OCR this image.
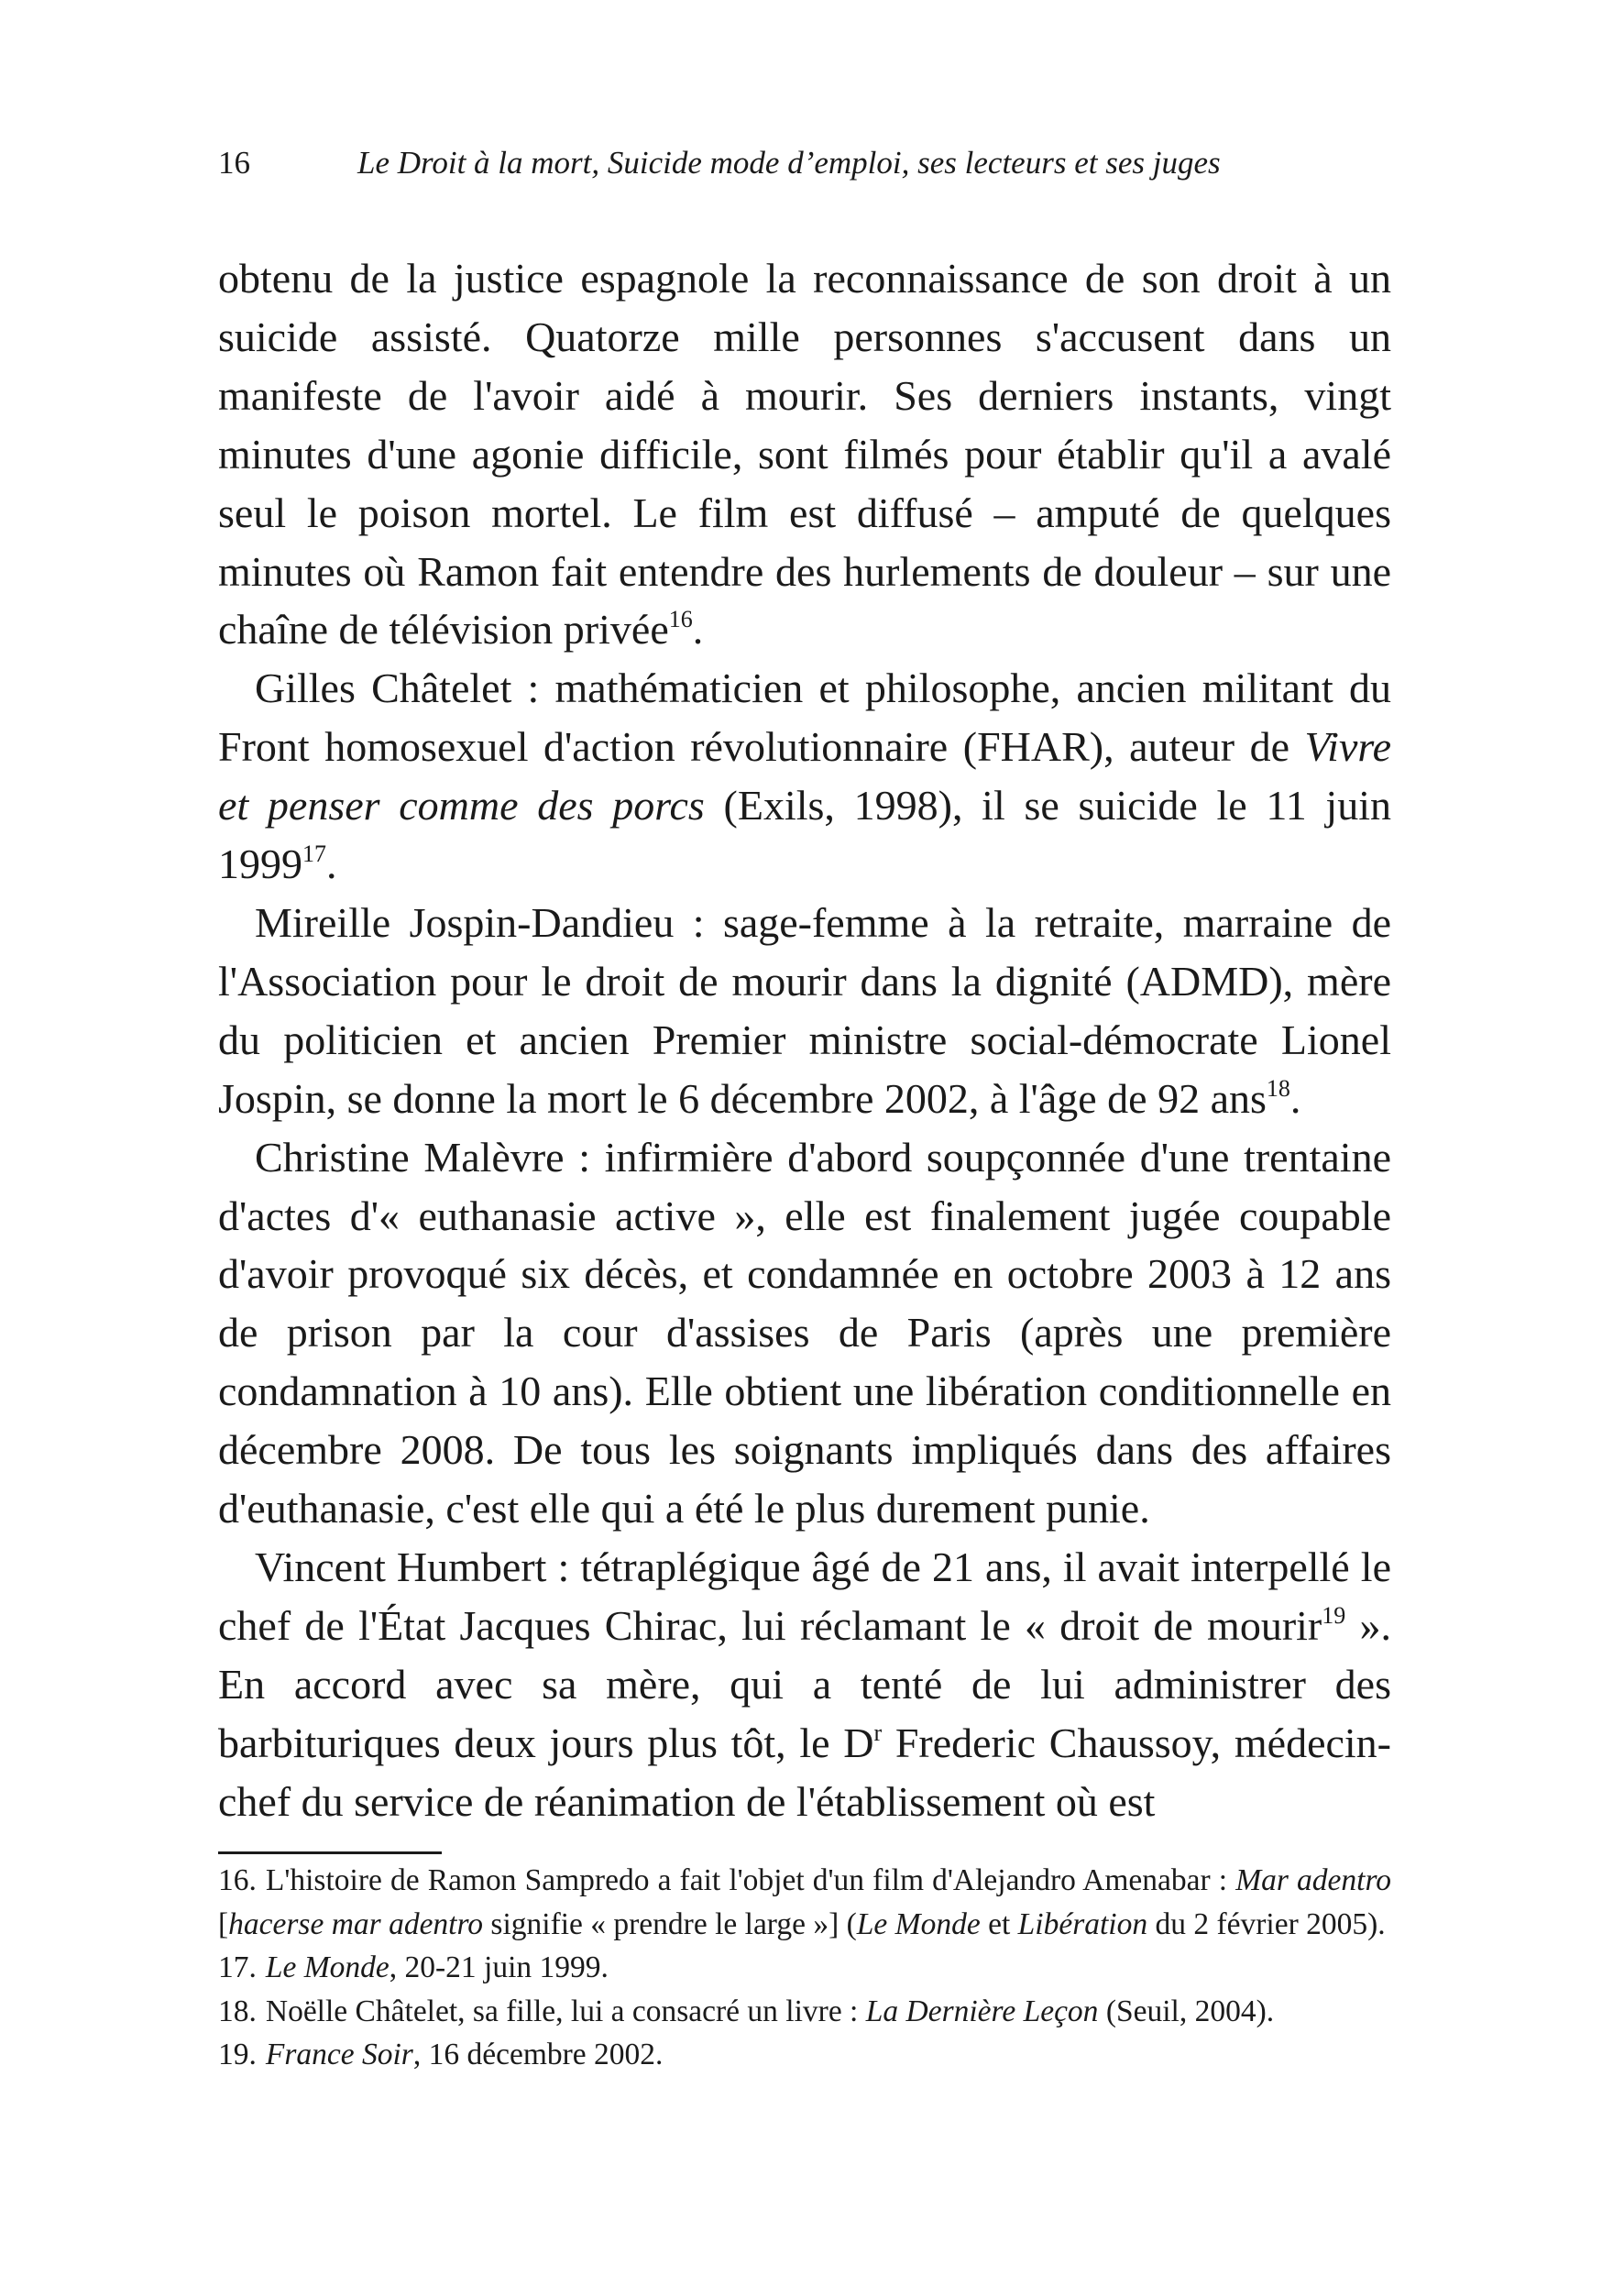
16	Le Droit à la mort, Suicide mode d’emploi, ses lecteurs et ses juges

obtenu de la justice espagnole la reconnaissance de son droit à un suicide assisté. Quatorze mille personnes s'accusent dans un manifeste de l'avoir aidé à mourir. Ses derniers instants, vingt minutes d'une agonie difficile, sont filmés pour établir qu'il a avalé seul le poison mortel. Le film est diffusé – amputé de quelques minutes où Ramon fait entendre des hurlements de douleur – sur une chaîne de télévision privée$^{16}$.

Gilles Châtelet : mathématicien et philosophe, ancien militant du Front homosexuel d'action révolutionnaire (FHAR), auteur de Vivre et penser comme des porcs (Exils, 1998), il se suicide le 11 juin 1999$^{17}$.

Mireille Jospin-Dandieu : sage-femme à la retraite, marraine de l'Association pour le droit de mourir dans la dignité (ADMD), mère du politicien et ancien Premier ministre social-démocrate Lionel Jospin, se donne la mort le 6 décembre 2002, à l'âge de 92 ans$^{18}$.

Christine Malèvre : infirmière d'abord soupçonnée d'une trentaine d'actes d'« euthanasie active », elle est finalement jugée coupable d'avoir provoqué six décès, et condamnée en octobre 2003 à 12 ans de prison par la cour d'assises de Paris (après une première condamnation à 10 ans). Elle obtient une libération conditionnelle en décembre 2008. De tous les soignants impliqués dans des affaires d'euthanasie, c'est elle qui a été le plus durement punie.

Vincent Humbert : tétraplégique âgé de 21 ans, il avait interpellé le chef de l'État Jacques Chirac, lui réclamant le « droit de mourir$^{19}$ ». En accord avec sa mère, qui a tenté de lui administrer des barbituriques deux jours plus tôt, le $D^r$ Frederic Chaussoy, médecin-chef du service de réanimation de l'établissement où est

16. L'histoire de Ramon Sampredo a fait l'objet d'un film d'Alejandro Amenabar : Mar adentro [hacerse mar adentro signifie « prendre le large »] (Le Monde et Libération du 2 février 2005).

17. Le Monde, 20-21 juin 1999.

18. Noëlle Châtelet, sa fille, lui a consacré un livre : La Dernière Leçon (Seuil, 2004).

19. France Soir, 16 décembre 2002.
